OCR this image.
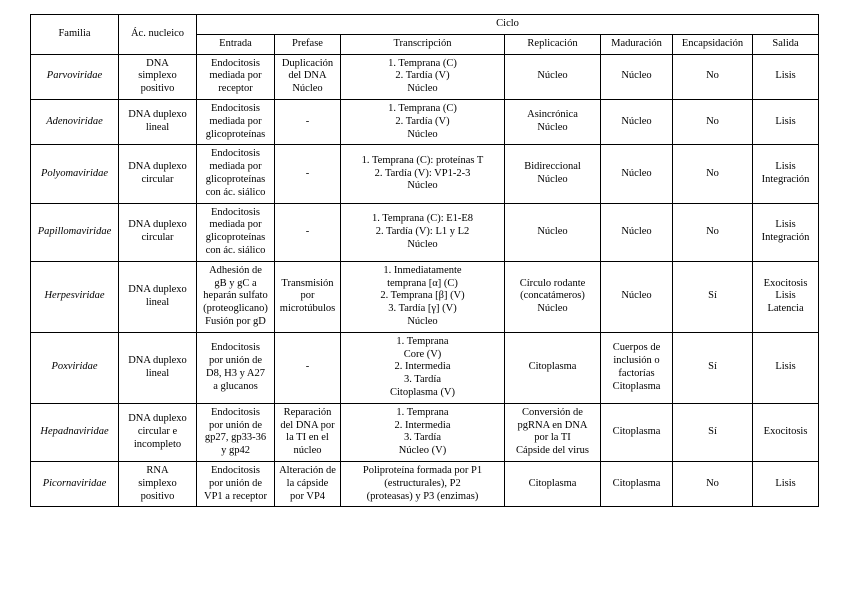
Familia	Ác. nucleico	Ciclo						
		Entrada	Prefase	Transcripción	Replicación	Maduración	Encapsidación	Salida
Parvoviridae	DNA
simplexo
positivo	Endocitosis
mediada por
receptor	Duplicación
del DNA
Núcleo	1. Temprana (C)
2. Tardía (V)
Núcleo	Núcleo	Núcleo	No	Lisis

Adenoviridae	DNA duplexo
lineal	Endocitosis
mediada por
glicoproteínas	-	1. Temprana (C)
2. Tardía (V)
Núcleo	Asincrónica
Núcleo	Núcleo	No	Lisis

Polyomaviridae	DNA duplexo
circular	Endocitosis
mediada por
glicoproteínas
con ác. siálico	-	1. Temprana (C): proteínas T
2. Tardía (V): VP1-2-3
Núcleo	Bidireccional
Núcleo	Núcleo	No	Lisis
Integración

Papillomaviridae	DNA duplexo
circular	Endocitosis
mediada por
glicoproteínas
con ác. siálico	-	1. Temprana (C): E1-E8
2. Tardía (V): L1 y L2
Núcleo	Núcleo	Núcleo	No	Lisis
Integración

Herpesviridae	DNA duplexo
lineal	Adhesión de
gB y gC a
heparán sulfato
(proteoglicano)
Fusión por gD	Transmisión
por
microtúbulos	1. Inmediatamente
temprana [α] (C)
2. Temprana [β] (V)
3. Tardía [γ] (V)
Núcleo	Círculo rodante
(concatámeros)
Núcleo	Núcleo	Sí	Exocitosis
Lisis
Latencia

Poxviridae	DNA duplexo
lineal	Endocitosis
por unión de
D8, H3 y A27
a glucanos	-	1. Temprana
Core (V)
2. Intermedia
3. Tardía
Citoplasma (V)	Citoplasma	Cuerpos de
inclusión o
factorías
Citoplasma	Sí	Lisis

Hepadnaviridae	DNA duplexo
circular e
incompleto	Endocitosis
por unión de
gp27, gp33-36
y gp42	Reparación
del DNA por
la TI en el
núcleo	1. Temprana
2. Intermedia
3. Tardía
Núcleo (V)	Conversión de
pgRNA en DNA
por la TI
Cápside del virus	Citoplasma	Sí	Exocitosis

Picornaviridae	RNA
simplexo
positivo	Endocitosis
por unión de
VP1 a receptor	Alteración de
la cápside
por VP4	Poliproteína formada por P1
(estructurales), P2
(proteasas) y P3 (enzimas)	Citoplasma	Citoplasma	No	Lisis
